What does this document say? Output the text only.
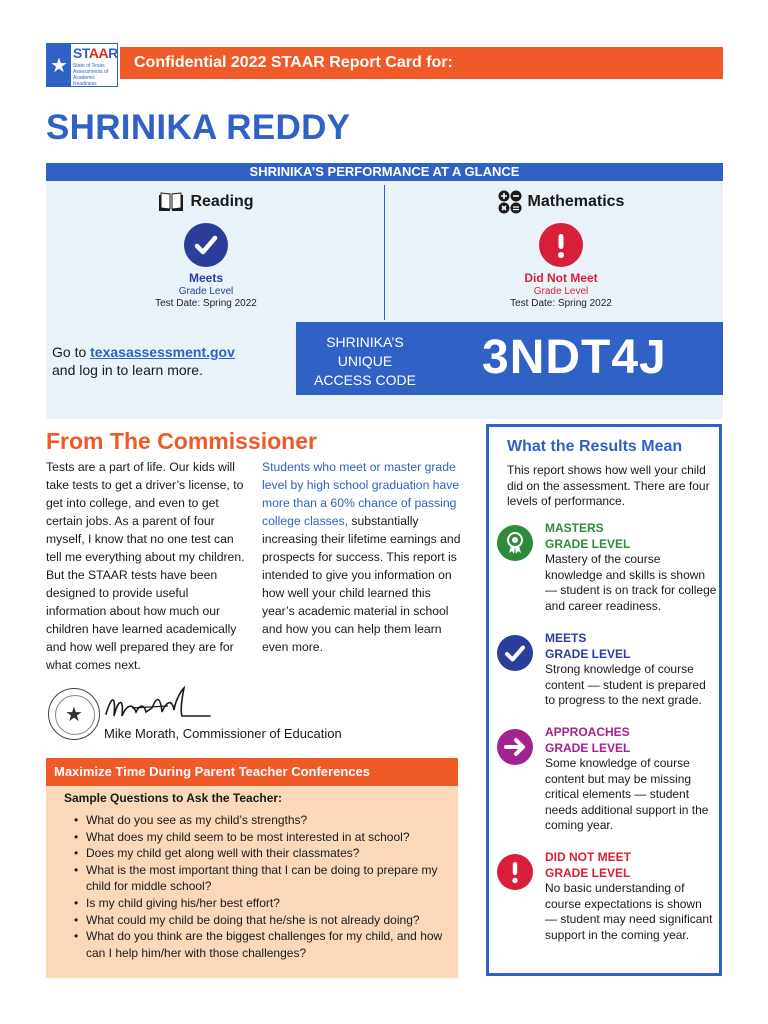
★ STAAR
State of Texas Assessments of Academic Readiness
Confidential 2022 STAAR Report Card for:
SHRINIKA REDDY
SHRINIKA’S PERFORMANCE AT A GLANCE
Reading
Meets
Grade Level
Test Date: Spring 2022
Mathematics
Did Not Meet
Grade Level
Test Date: Spring 2022
Go to texasassessment.gov
and log in to learn more.
SHRINIKA’S UNIQUE ACCESS CODE 3NDT4J
From The Commissioner
Tests are a part of life. Our kids will take tests to get a driver’s license, to get into college, and even to get certain jobs. As a parent of four myself, I know that no one test can tell me everything about my children. But the STAAR tests have been designed to provide useful information about how much our children have learned academically and how well prepared they are for what comes next.
Students who meet or master grade level by high school graduation have more than a 60% chance of passing college classes, substantially increasing their lifetime earnings and prospects for success. This report is intended to give you information on how well your child learned this year’s academic material in school and how you can help them learn even more.
★
Mike Morath, Commissioner of Education
Maximize Time During Parent Teacher Conferences
Sample Questions to Ask the Teacher:
• What do you see as my child’s strengths?
• What does my child seem to be most interested in at school?
• Does my child get along well with their classmates?
• What is the most important thing that I can be doing to prepare my child for middle school?
• Is my child giving his/her best effort?
• What could my child be doing that he/she is not already doing?
• What do you think are the biggest challenges for my child, and how can I help him/her with those challenges?
What the Results Mean
This report shows how well your child did on the assessment. There are four levels of performance.
MASTERS
GRADE LEVEL
Mastery of the course knowledge and skills is shown — student is on track for college and career readiness.
MEETS
GRADE LEVEL
Strong knowledge of course content — student is prepared to progress to the next grade.
APPROACHES
GRADE LEVEL
Some knowledge of course content but may be missing critical elements — student needs additional support in the coming year.
DID NOT MEET
GRADE LEVEL
No basic understanding of course expectations is shown — student may need significant support in the coming year.
